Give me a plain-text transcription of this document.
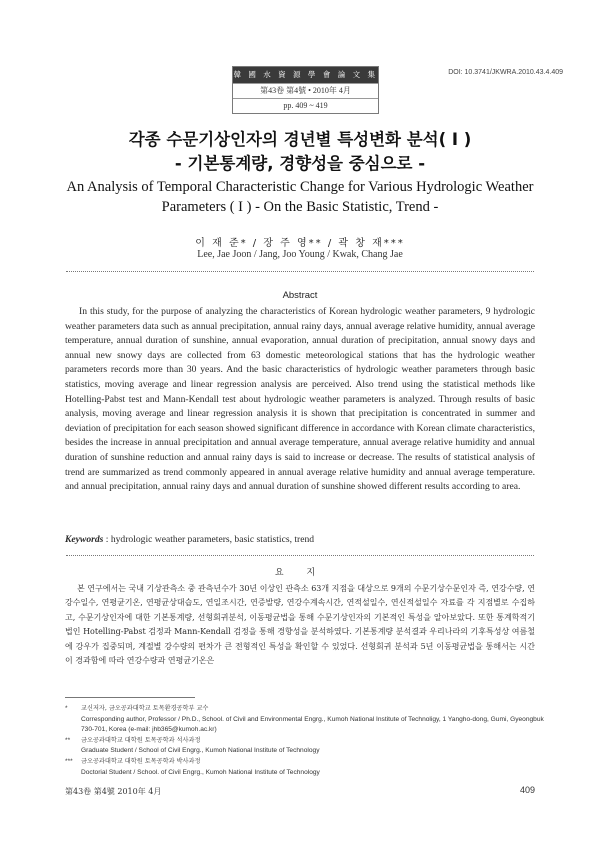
韓 國 水 資 源 學 會 論 文 集
第43卷 第4號 • 2010年 4月
pp. 409 ~ 419
DOI: 10.3741/JKWRA.2010.43.4.409
각종 수문기상인자의 경년별 특성변화 분석( I )
- 기본통계량, 경향성을 중심으로 -
An Analysis of Temporal Characteristic Change for Various Hydrologic Weather
Parameters ( I ) - On the Basic Statistic, Trend -
이 재 준* / 장 주 영** / 곽 창 재***
Lee, Jae Joon / Jang, Joo Young / Kwak, Chang Jae
Abstract

In this study, for the purpose of analyzing the characteristics of Korean hydrologic weather parameters, 9 hydrologic weather parameters data such as annual precipitation, annual rainy days, annual average relative humidity, annual average temperature, annual duration of sunshine, annual evaporation, annual duration of precipitation, annual snowy days and annual new snowy days are collected from 63 domestic meteorological stations that has the hydrologic weather parameters records more than 30 years. And the basic characteristics of hydrologic weather parameters through basic statistics, moving average and linear regression analysis are perceived. Also trend using the statistical methods like Hotelling-Pabst test and Mann-Kendall test about hydrologic weather parameters is analyzed. Through results of basic analysis, moving average and linear regression analysis it is shown that precipitation is concentrated in summer and deviation of precipitation for each season showed significant difference in accordance with Korean climate characteristics, besides the increase in annual precipitation and annual average temperature, annual average relative humidity and annual duration of sunshine reduction and annual rainy days is said to increase or decrease. The results of statistical analysis of trend are summarized as trend commonly appeared in annual average relative humidity and annual average temperature. and annual precipitation, annual rainy days and annual duration of sunshine showed different results according to area.

Keywords : hydrologic weather parameters, basic statistics, trend
요 지

본 연구에서는 국내 기상관측소 중 관측년수가 30년 이상인 관측소 63개 지점을 대상으로 9개의 수문기상수문인자 즉, 연강수량, 연강수일수, 연평균기온, 연평균상대습도, 연일조시간, 연증발량, 연강수계속시간, 연적설일수, 연신적설일수 자료를 각 지점별로 수집하고, 수문기상인자에 대한 기본통계량, 선형회귀분석, 이동평균법을 통해 수문기상인자의 기본적인 특성을 알아보았다. 또한 통계학적기법인 Hotelling-Pabst 검정과 Mann-Kendall 검정을 통해 경향성을 분석하였다. 기본통계량 분석결과 우리나라의 기후특성상 여름철에 강우가 집중되며, 계절별 강수량의 편차가 큰 전형적인 특성을 확인할 수 있었다. 선형회귀 분석과 5년 이동평균법을 통해서는 시간이 경과함에 따라 연강수량과 연평균기온은

* 교신저자, 금오공과대학교 토목환경공학부 교수
Corresponding author, Professor / Ph.D., School. of Civil and Environmental Engrg., Kumoh National Institute of Technoligy, 1 Yangho-dong, Gumi, Gyeongbuk 730-701, Korea (e-mail: jhb365@kumoh.ac.kr)
** 금오공과대학교 대학원 토목공학과 석사과정
Graduate Student / School of Civil Engrg., Kumoh National Institute of Technology
*** 금오공과대학교 대학원 토목공학과 박사과정
Doctorial Student / School. of Civil Engrg., Kumoh National Institute of Technology
第43卷 第4號 2010年 4月	409
